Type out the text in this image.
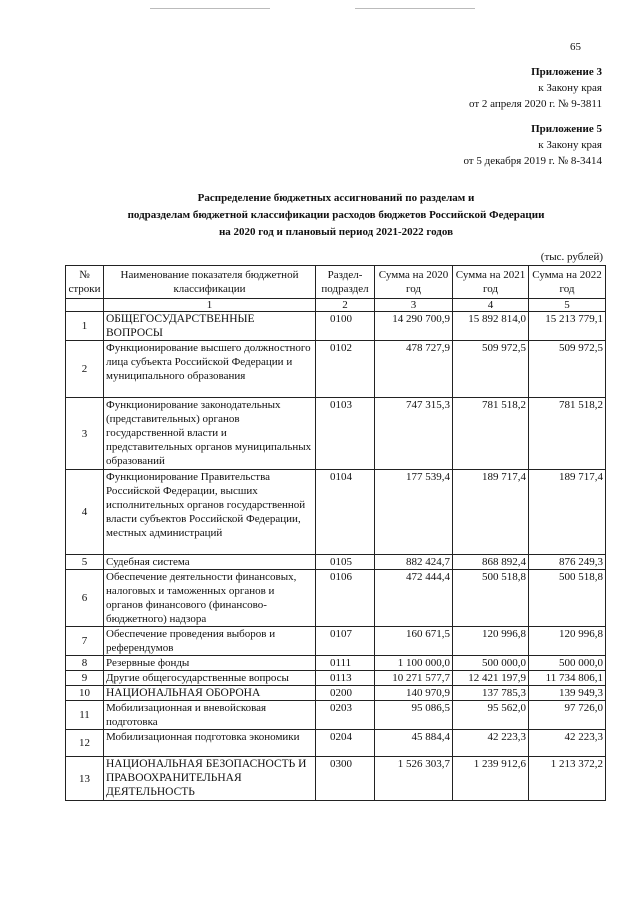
65
Приложение 3
к Закону края
от 2 апреля 2020 г. № 9-3811
Приложение 5
к Закону края
от 5 декабря 2019 г. № 8-3414
Распределение бюджетных ассигнований по разделам и
подразделам бюджетной классификации расходов бюджетов Российской Федерации
на 2020 год и плановый период 2021-2022 годов
(тыс. рублей)
№ строки	Наименование показателя бюджетной классификации	Раздел-подраздел	Сумма на 2020 год	Сумма на 2021 год	Сумма на 2022 год
	1	2	3	4	5
1	ОБЩЕГОСУДАРСТВЕННЫЕ ВОПРОСЫ	0100	14 290 700,9	15 892 814,0	15 213 779,1
2	Функционирование высшего должностного лица субъекта Российской Федерации и муниципального образования	0102	478 727,9	509 972,5	509 972,5
3	Функционирование законодательных (представительных) органов государственной власти и представительных органов муниципальных образований	0103	747 315,3	781 518,2	781 518,2
4	Функционирование Правительства Российской Федерации, высших исполнительных органов государственной власти субъектов Российской Федерации, местных администраций	0104	177 539,4	189 717,4	189 717,4
5	Судебная система	0105	882 424,7	868 892,4	876 249,3
6	Обеспечение деятельности финансовых, налоговых и таможенных органов и органов финансового (финансово-бюджетного) надзора	0106	472 444,4	500 518,8	500 518,8
7	Обеспечение проведения выборов и референдумов	0107	160 671,5	120 996,8	120 996,8
8	Резервные фонды	0111	1 100 000,0	500 000,0	500 000,0
9	Другие общегосударственные вопросы	0113	10 271 577,7	12 421 197,9	11 734 806,1
10	НАЦИОНАЛЬНАЯ ОБОРОНА	0200	140 970,9	137 785,3	139 949,3
11	Мобилизационная и вневойсковая подготовка	0203	95 086,5	95 562,0	97 726,0
12	Мобилизационная подготовка экономики	0204	45 884,4	42 223,3	42 223,3
13	НАЦИОНАЛЬНАЯ БЕЗОПАСНОСТЬ И ПРАВООХРАНИТЕЛЬНАЯ ДЕЯТЕЛЬНОСТЬ	0300	1 526 303,7	1 239 912,6	1 213 372,2
